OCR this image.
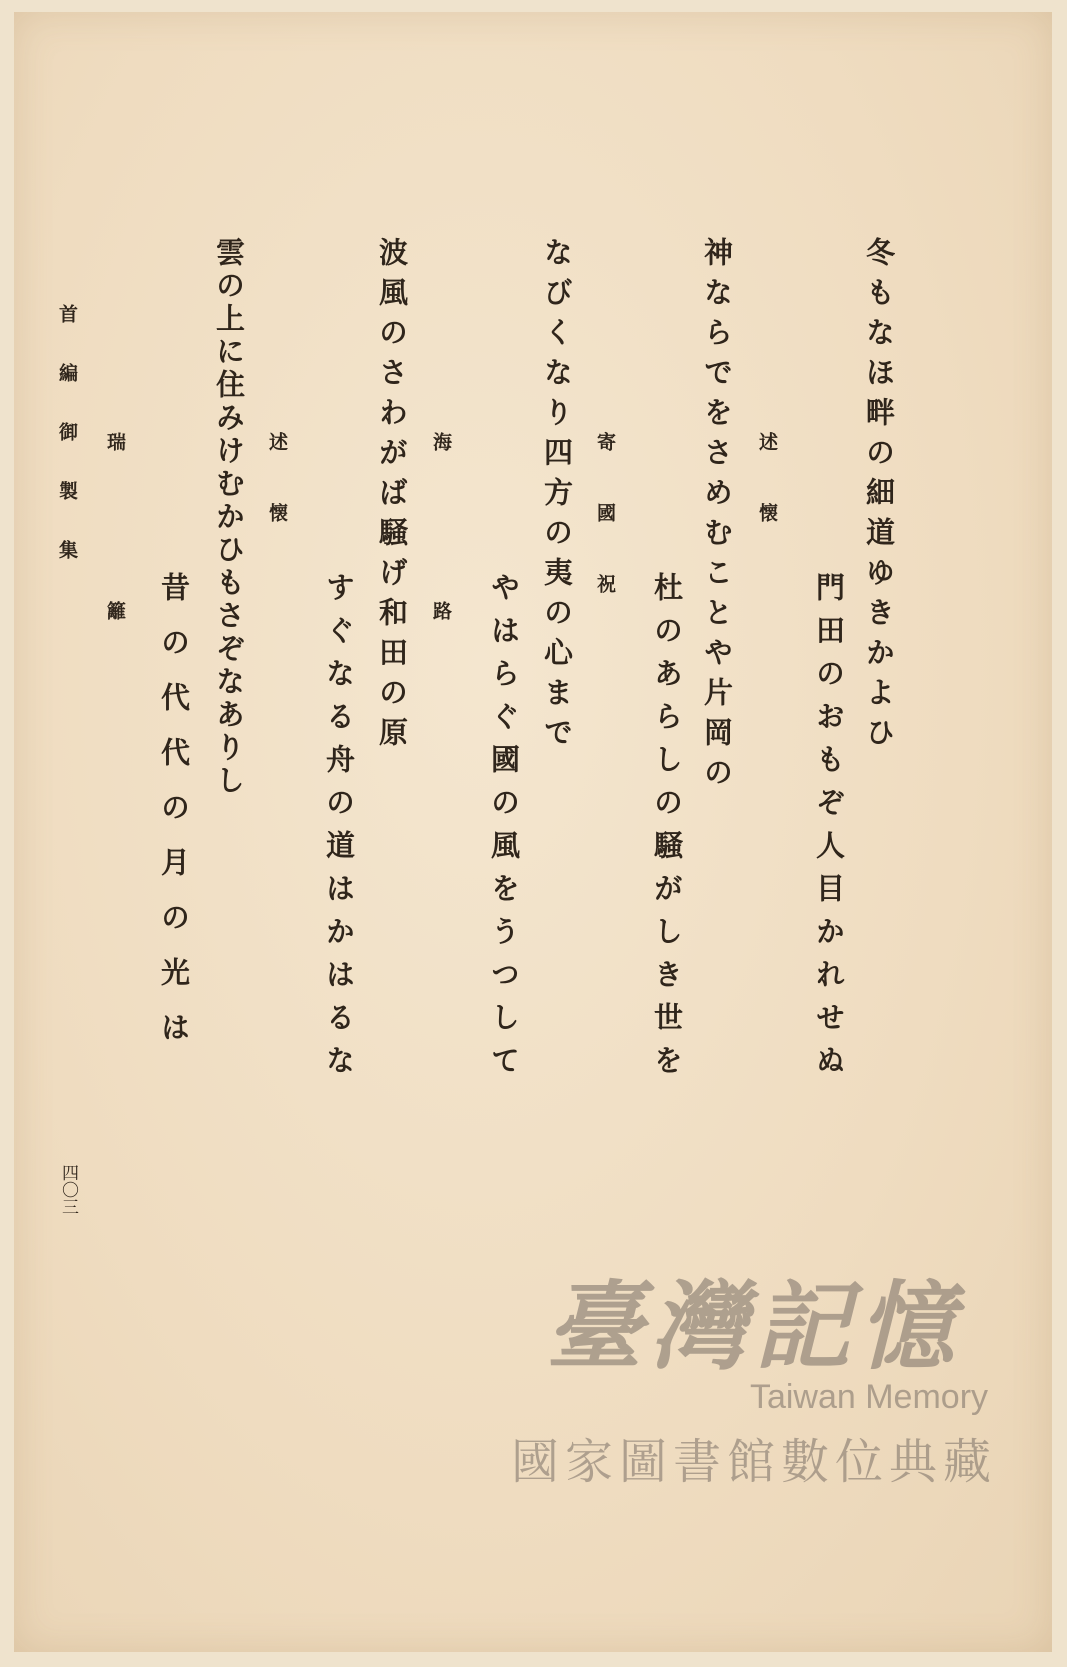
冬もなほ畔の細道ゆきかよひ
門田のおもぞ人目かれせぬ
述懐
神ならでをさめむことや片岡の
杜のあらしの騒がしき世を
寄國祝
なびくなり四方の夷の心まで
やはらぐ國の風をうつして
海路
波風のさわがば騒げ和田の原
すぐなる舟の道はかはるな
述懐
雲の上に住みけむかひもさぞなありし
昔の代代の月の光は
瑞籬
首編御製集
四〇三
臺灣記憶
Taiwan Memory
國家圖書館數位典藏
